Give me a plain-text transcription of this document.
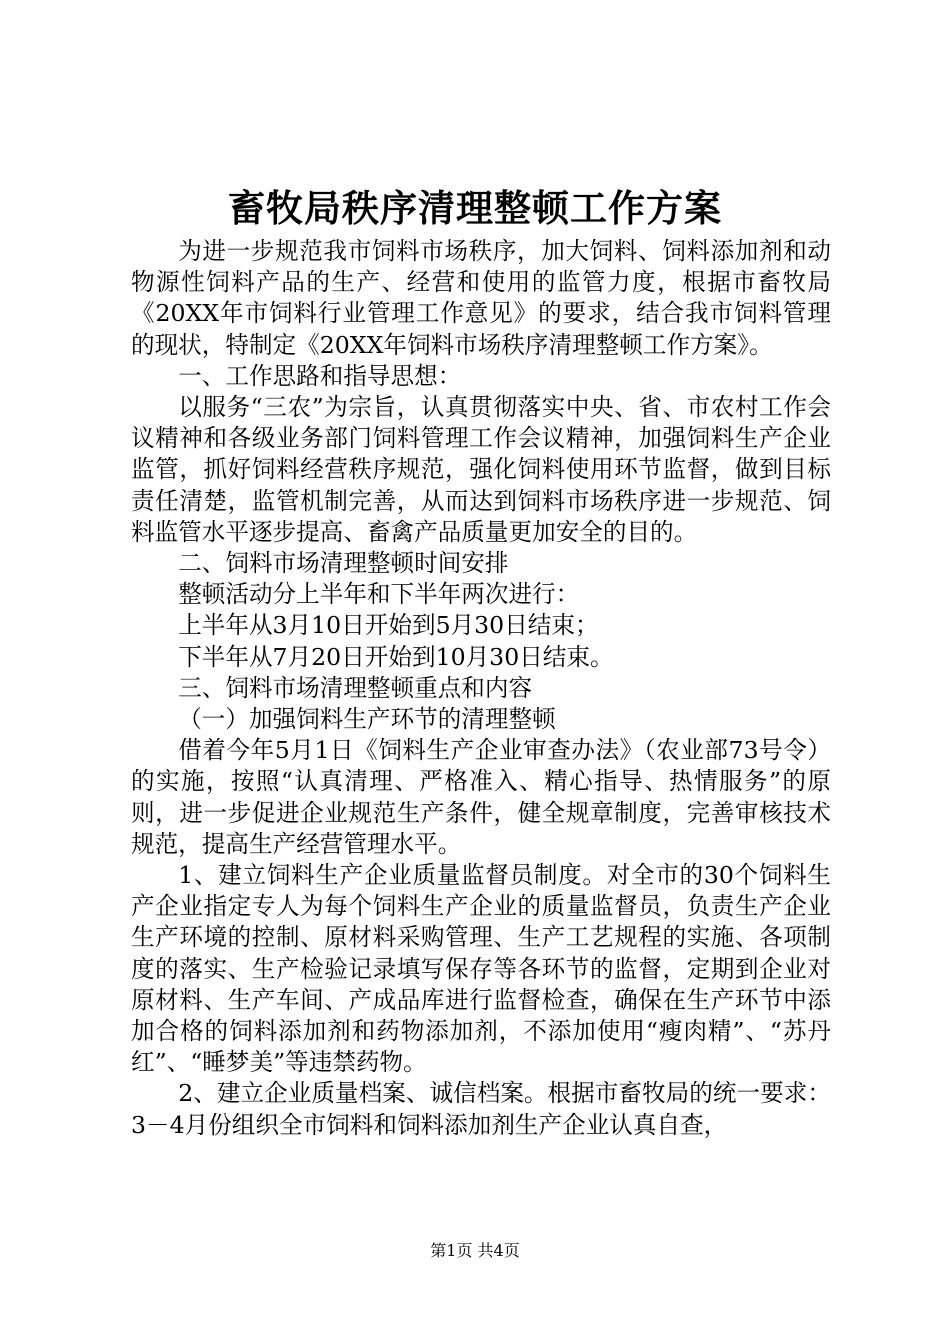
畜牧局秩序清理整顿工作方案

为进一步规范我市饲料市场秩序，加大饲料、饲料添加剂和动物源性饲料产品的生产、经营和使用的监管力度，根据市畜牧局《20XX年市饲料行业管理工作意见》的要求，结合我市饲料管理的现状，特制定《20XX年饲料市场秩序清理整顿工作方案》。

一、工作思路和指导思想：

以服务“三农”为宗旨，认真贯彻落实中央、省、市农村工作会议精神和各级业务部门饲料管理工作会议精神，加强饲料生产企业监管，抓好饲料经营秩序规范，强化饲料使用环节监督，做到目标责任清楚，监管机制完善，从而达到饲料市场秩序进一步规范、饲料监管水平逐步提高、畜禽产品质量更加安全的目的。

二、饲料市场清理整顿时间安排

整顿活动分上半年和下半年两次进行：

上半年从3月10日开始到5月30日结束；

下半年从7月20日开始到10月30日结束。

三、饲料市场清理整顿重点和内容

（一）加强饲料生产环节的清理整顿

借着今年5月1日《饲料生产企业审查办法》（农业部73号令）的实施，按照“认真清理、严格准入、精心指导、热情服务”的原则，进一步促进企业规范生产条件，健全规章制度，完善审核技术规范，提高生产经营管理水平。

1、建立饲料生产企业质量监督员制度。对全市的30个饲料生产企业指定专人为每个饲料生产企业的质量监督员，负责生产企业生产环境的控制、原材料采购管理、生产工艺规程的实施、各项制度的落实、生产检验记录填写保存等各环节的监督，定期到企业对原材料、生产车间、产成品库进行监督检查，确保在生产环节中添加合格的饲料添加剂和药物添加剂，不添加使用“瘦肉精”、“苏丹红”、“睡梦美”等违禁药物。

2、建立企业质量档案、诚信档案。根据市畜牧局的统一要求：3－4月份组织全市饲料和饲料添加剂生产企业认真自查，

第1页 共4页
